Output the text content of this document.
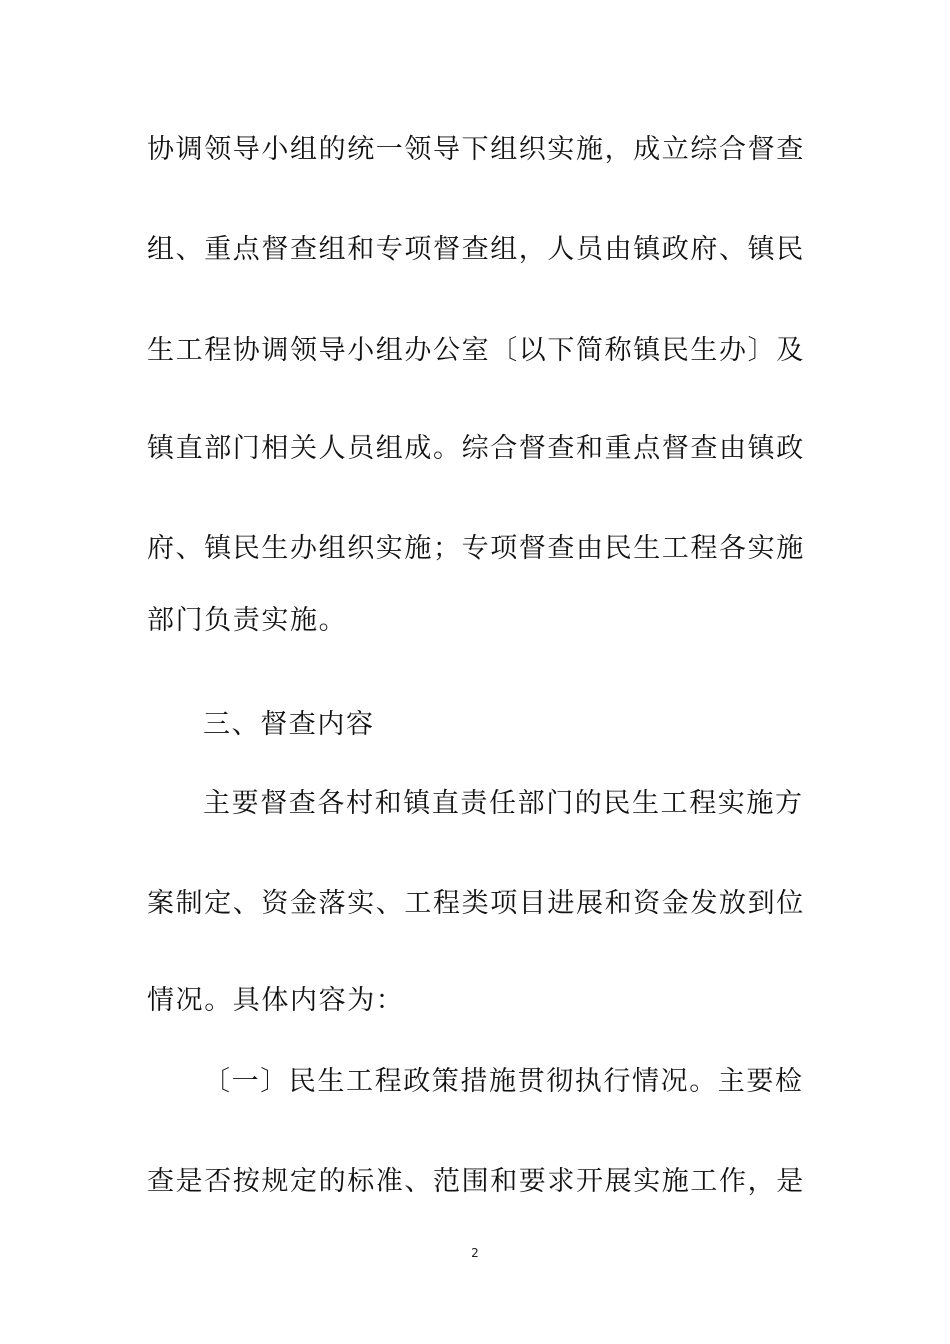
协调领导小组的统一领导下组织实施，成立综合督查
组、重点督查组和专项督查组，人员由镇政府、镇民
生工程协调领导小组办公室〔以下简称镇民生办〕及
镇直部门相关人员组成。综合督查和重点督查由镇政
府、镇民生办组织实施；专项督查由民生工程各实施
部门负责实施。
三、督查内容
主要督查各村和镇直责任部门的民生工程实施方
案制定、资金落实、工程类项目进展和资金发放到位
情况。具体内容为：
〔一〕民生工程政策措施贯彻执行情况。主要检
查是否按规定的标准、范围和要求开展实施工作，是
2
